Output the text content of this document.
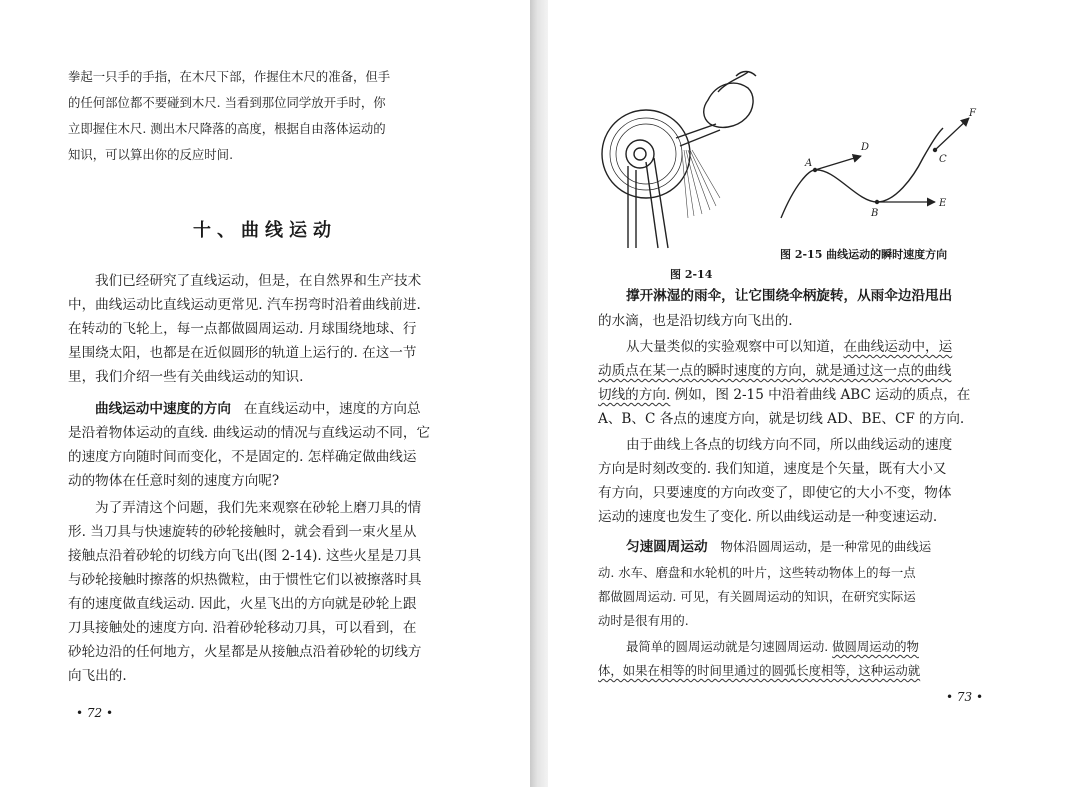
拳起一只手的手指，在木尺下部，作握住木尺的准备，但手

的任何部位都不要碰到木尺. 当看到那位同学放开手时，你

立即握住木尺. 测出木尺降落的高度，根据自由落体运动的

知识，可以算出你的反应时间.

十、曲线运动

我们已经研究了直线运动，但是，在自然界和生产技术

中，曲线运动比直线运动更常见. 汽车拐弯时沿着曲线前进.

在转动的飞轮上，每一点都做圆周运动. 月球围绕地球、行

星围绕太阳，也都是在近似圆形的轨道上运行的. 在这一节

里，我们介绍一些有关曲线运动的知识.

曲线运动中速度的方向 在直线运动中，速度的方向总

是沿着物体运动的直线. 曲线运动的情况与直线运动不同，它

的速度方向随时间而变化，不是固定的. 怎样确定做曲线运

动的物体在任意时刻的速度方向呢?

为了弄清这个问题，我们先来观察在砂轮上磨刀具的情

形. 当刀具与快速旋转的砂轮接触时，就会看到一束火星从

接触点沿着砂轮的切线方向飞出(图 2-14). 这些火星是刀具

与砂轮接触时擦落的炽热微粒，由于惯性它们以被擦落时具

有的速度做直线运动. 因此，火星飞出的方向就是砂轮上跟

刀具接触处的速度方向. 沿着砂轮移动刀具，可以看到，在

砂轮边沿的任何地方，火星都是从接触点沿着砂轮的切线方

向飞出的.

• 72 •
图 2-14
A
B
C
D
E
F
图 2-15 曲线运动的瞬时速度方向

撑开淋湿的雨伞，让它围绕伞柄旋转，从雨伞边沿甩出

的水滴，也是沿切线方向飞出的.

从大量类似的实验观察中可以知道，在曲线运动中，运

动质点在某一点的瞬时速度的方向，就是通过这一点的曲线

切线的方向. 例如，图 2-15 中沿着曲线 ABC 运动的质点，在

A、B、C 各点的速度方向，就是切线 AD、BE、CF 的方向.

由于曲线上各点的切线方向不同，所以曲线运动的速度

方向是时刻改变的. 我们知道，速度是个矢量，既有大小又

有方向，只要速度的方向改变了，即使它的大小不变，物体

运动的速度也发生了变化. 所以曲线运动是一种变速运动.

匀速圆周运动 物体沿圆周运动，是一种常见的曲线运

动. 水车、磨盘和水轮机的叶片，这些转动物体上的每一点

都做圆周运动. 可见，有关圆周运动的知识，在研究实际运

动时是很有用的.

最简单的圆周运动就是匀速圆周运动. 做圆周运动的物

体，如果在相等的时间里通过的圆弧长度相等，这种运动就

• 73 •
